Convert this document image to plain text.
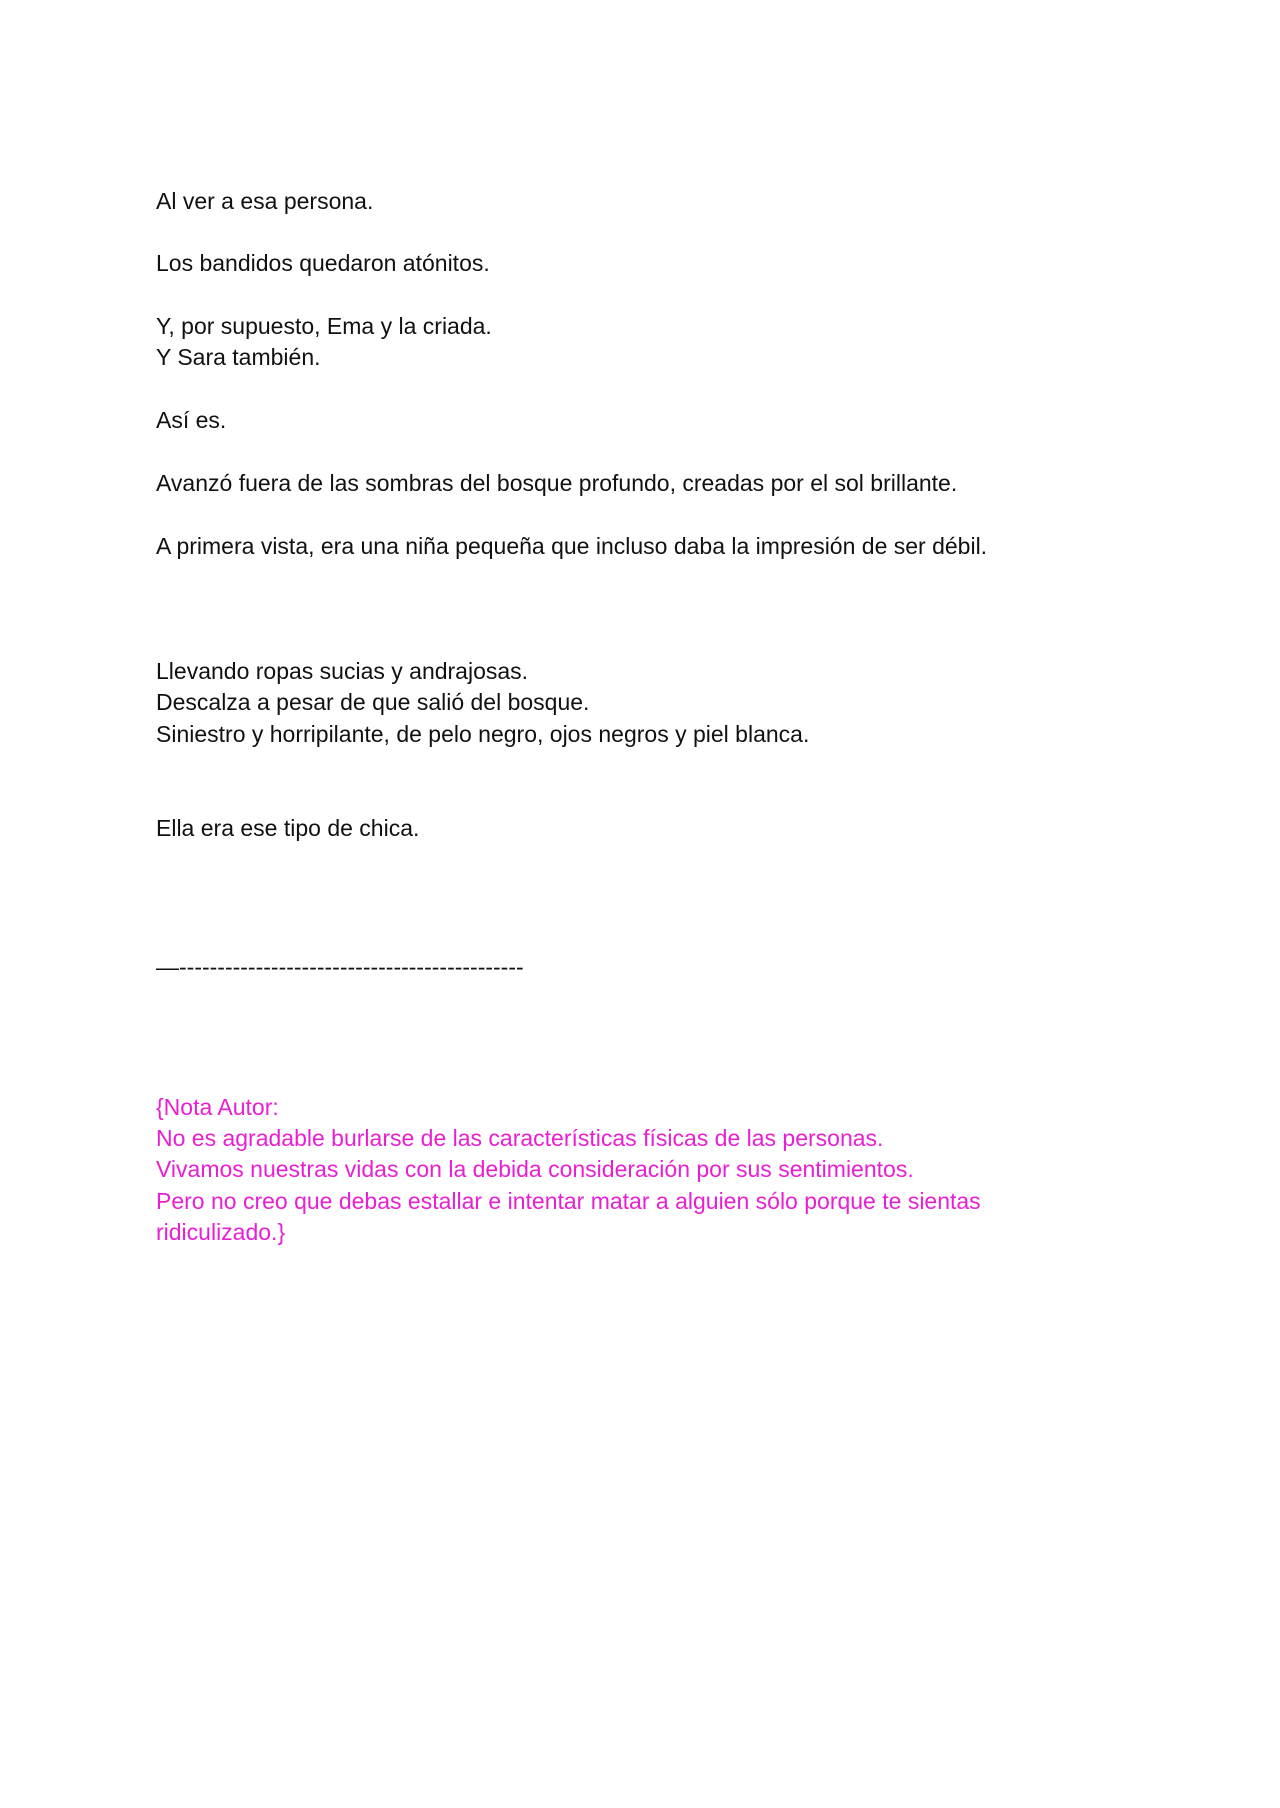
Al ver a esa persona.

Los bandidos quedaron atónitos.

Y, por supuesto, Ema y la criada.

Y Sara también.

Así es.

Avanzó fuera de las sombras del bosque profundo, creadas por el sol brillante.

A primera vista, era una niña pequeña que incluso daba la impresión de ser débil.

Llevando ropas sucias y andrajosas.

Descalza a pesar de que salió del bosque.

Siniestro y horripilante, de pelo negro, ojos negros y piel blanca.

Ella era ese tipo de chica.

—---------------------------------------------

{Nota Autor:

No es agradable burlarse de las características físicas de las personas.

Vivamos nuestras vidas con la debida consideración por sus sentimientos.

Pero no creo que debas estallar e intentar matar a alguien sólo porque te sientas

ridiculizado.}
